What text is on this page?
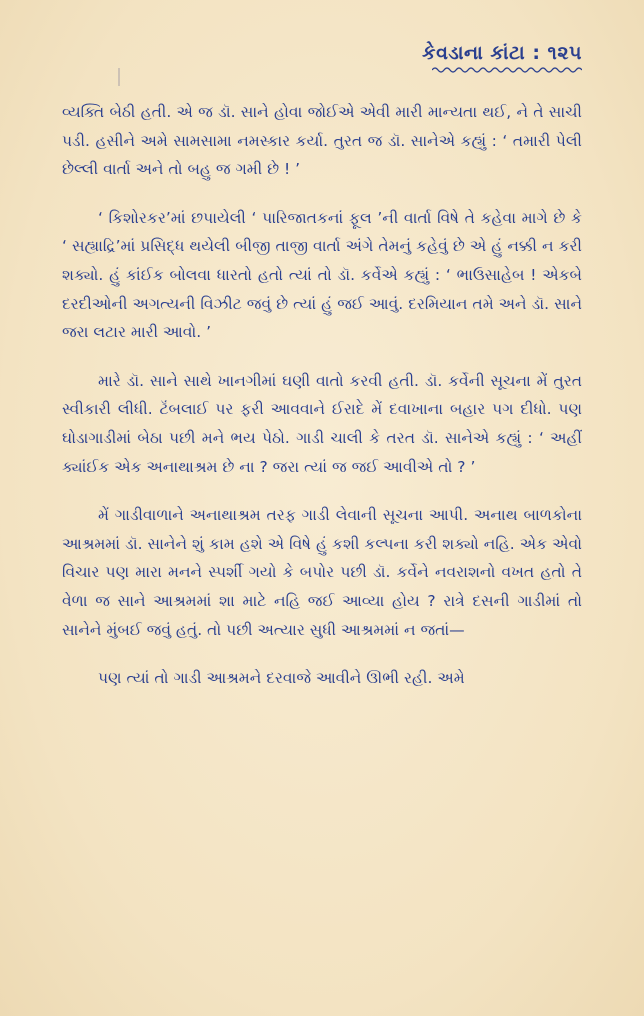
કેવડાના કાંટા : ૧૨૫

વ્યક્તિ બેઠી હતી. એ જ ડૉ. સાને હોવા જોઈએ એવી મારી માન્યતા થઈ, ને તે સાચી પડી. હસીને અમે સામસામા નમસ્કાર કર્યા. તુરત જ ડૉ. સાનેએ કહ્યું : ‘ તમારી પેલી છેલ્લી વાર્તા અને તો બહુ જ ગમી છે ! ’

‘ કિશોરકર’માં છપાયેલી ‘ પારિજાતકનાં ફૂલ ’ની વાર્તા વિષે તે કહેવા માગે છે કે ‘ સહ્યાદ્રિ’માં પ્રસિદ્ધ થયેલી બીજી તાજી વાર્તા અંગે તેમનું કહેવું છે એ હું નક્કી ન કરી શક્યો. હું કાંઈક બોલવા ધારતો હતો ત્યાં તો ડૉ. કર્વેએ કહ્યું : ‘ ભાઉસાહેબ ! એકબે દરદીઓની અગત્યની વિઝીટ જવું છે ત્યાં હું જઈ આવું. દરમિયાન તમે અને ડૉ. સાને જરા લટાર મારી આવો. ’

મારે ડૉ. સાને સાથે ખાનગીમાં ઘણી વાતો કરવી હતી. ડૉ. કર્વેની સૂચના મેં તુરત સ્વીકારી લીધી. ટૅંબલાઈ પર ફરી આવવાને ઈરાદે મેં દવાખાના બહાર પગ દીધો. પણ ઘોડાગાડીમાં બેઠા પછી મને ભય પેઠો. ગાડી ચાલી કે તરત ડૉ. સાનેએ કહ્યું : ‘ અહીં ક્યાંઈક એક અનાથાશ્રમ છે ના ? જરા ત્યાં જ જઈ આવીએ તો ? ’

મેં ગાડીવાળાને અનાથાશ્રમ તરફ ગાડી લેવાની સૂચના આપી. અનાથ બાળકોના આશ્રમમાં ડૉ. સાનેને શું કામ હશે એ વિષે હું કશી કલ્પના કરી શક્યો નહિ. એક એવો વિચાર પણ મારા મનને સ્પર્શી ગયો કે બપોર પછી ડૉ. કર્વેને નવરાશનો વખત હતો તે વેળા જ સાને આશ્રમમાં શા માટે નહિ જઈ આવ્યા હોય ? રાત્રે દસની ગાડીમાં તો સાનેને મુંબઈ જવું હતું. તો પછી અત્યાર સુધી આશ્રમમાં ન જતાં—

પણ ત્યાં તો ગાડી આશ્રમને દરવાજે આવીને ઊભી રહી. અમે
